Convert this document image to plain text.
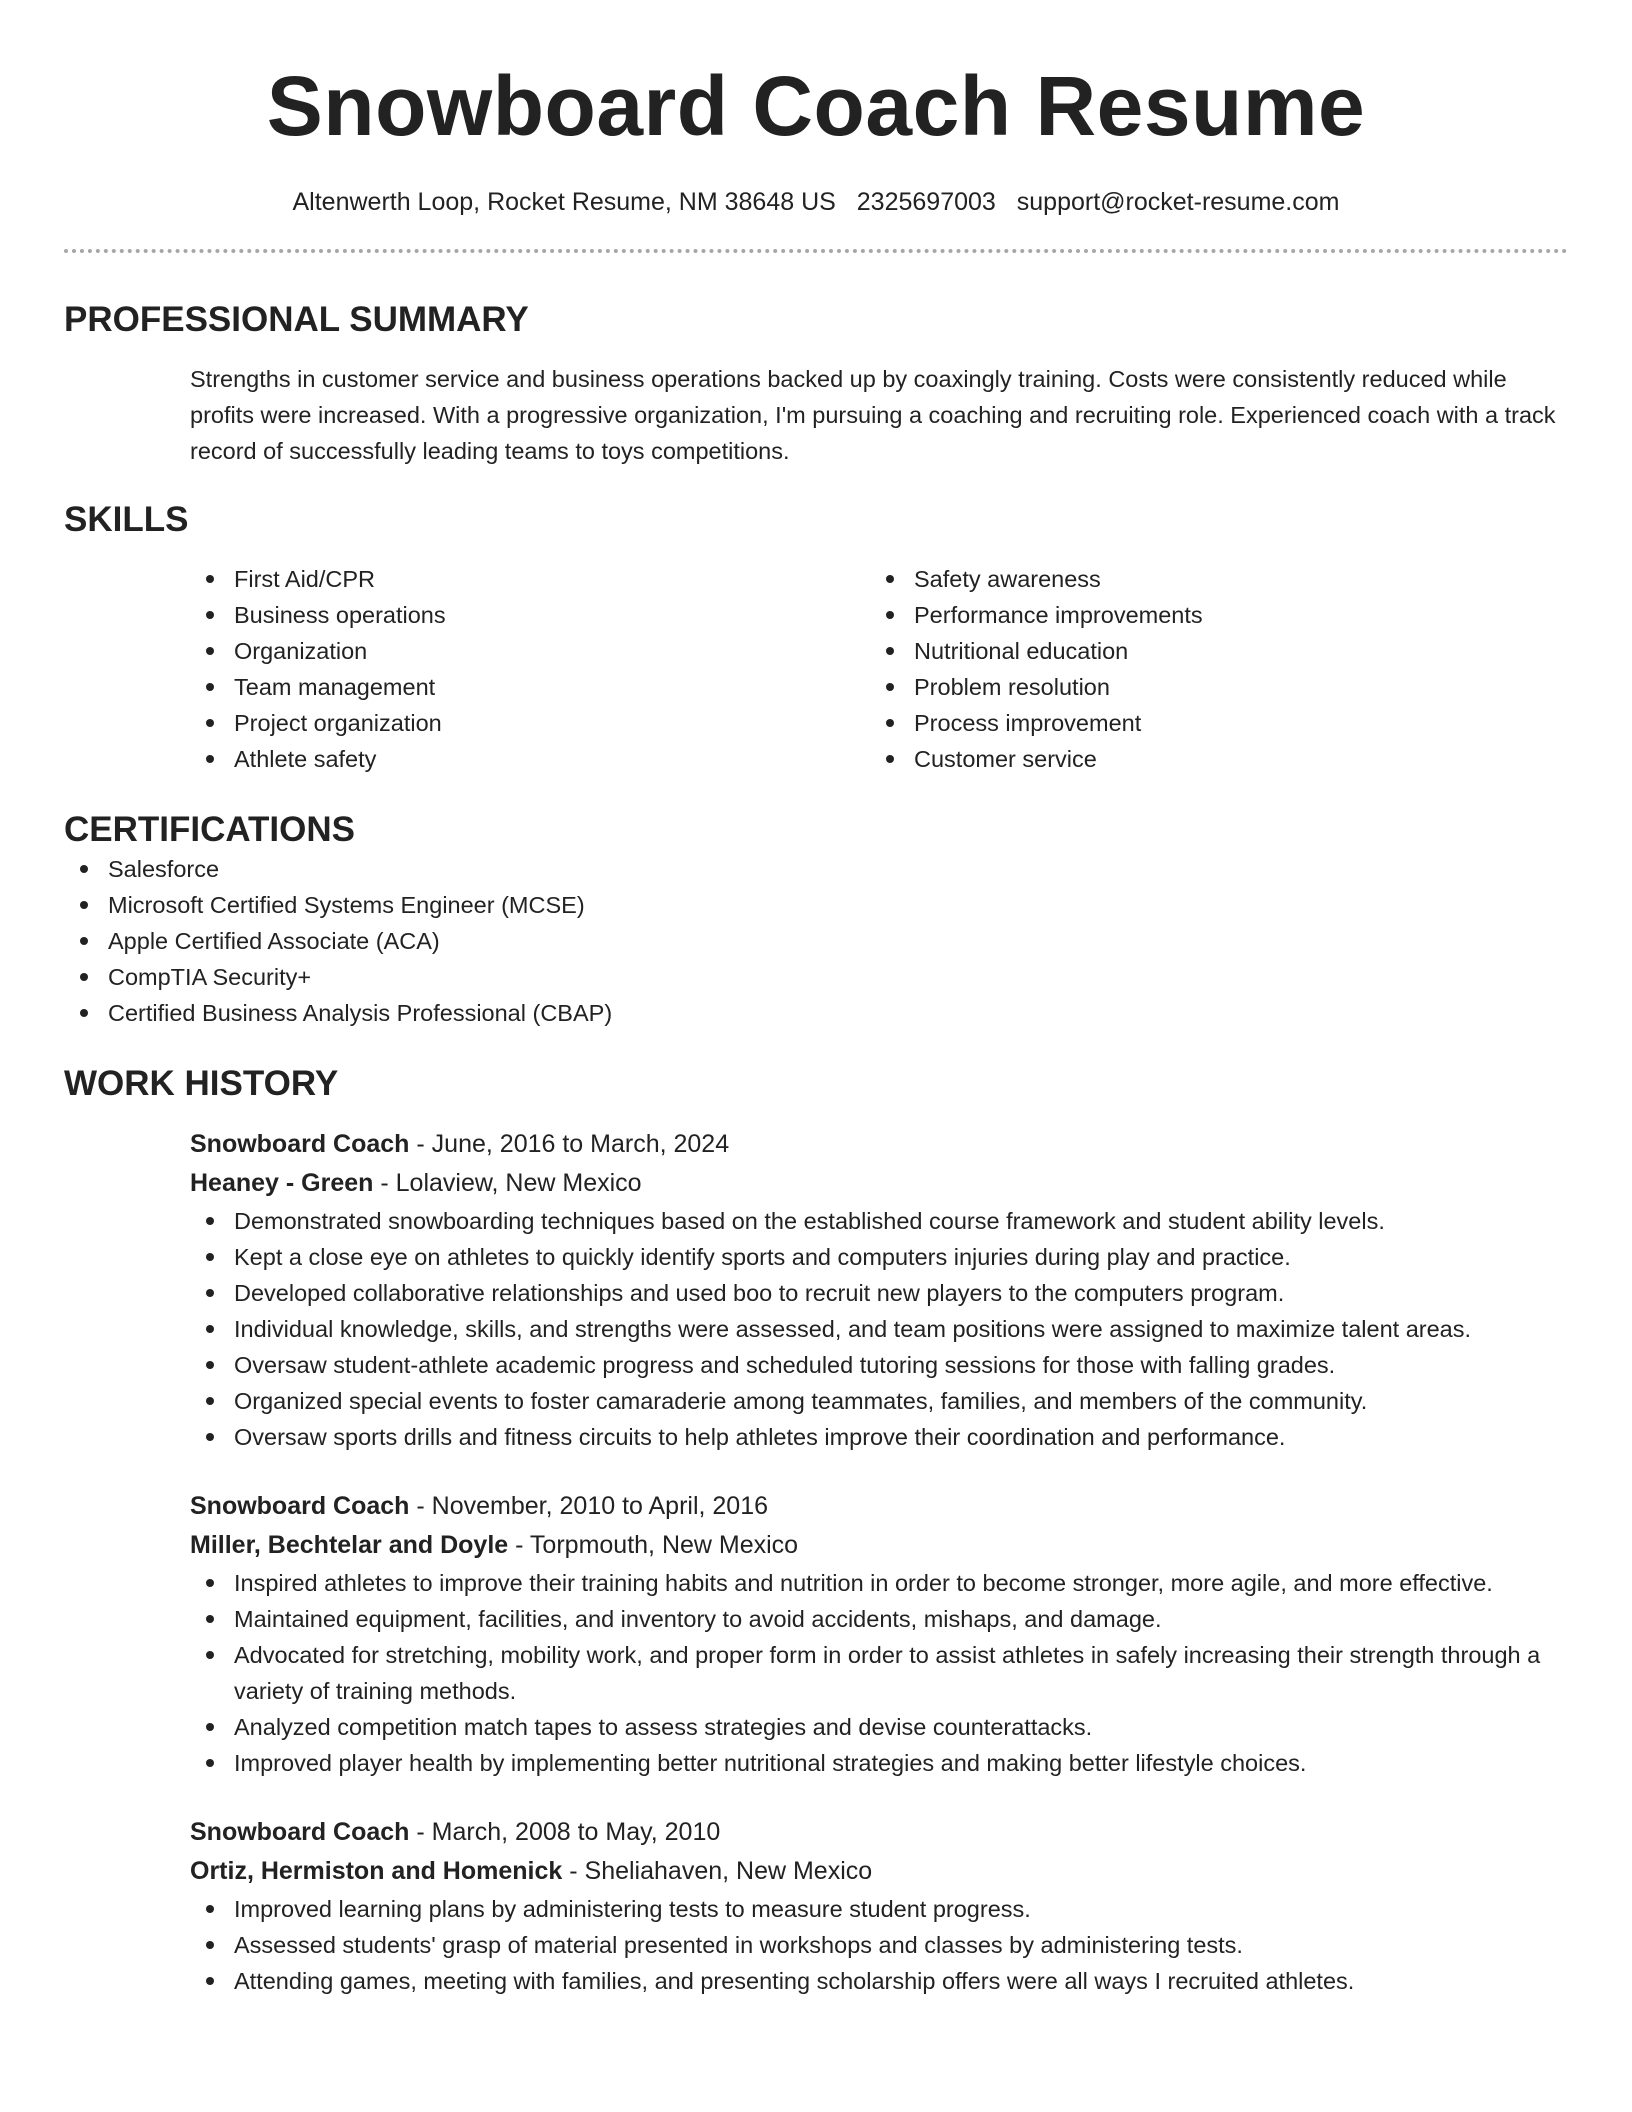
Snowboard Coach Resume
Altenwerth Loop, Rocket Resume, NM 38648 US 2325697003 support@rocket-resume.com
PROFESSIONAL SUMMARY

Strengths in customer service and business operations backed up by coaxingly training. Costs were consistently reduced while profits were increased. With a progressive organization, I'm pursuing a coaching and recruiting role. Experienced coach with a track record of successfully leading teams to toys competitions.

SKILLS
First Aid/CPR
Business operations
Organization
Team management
Project organization
Athlete safety
Safety awareness
Performance improvements
Nutritional education
Problem resolution
Process improvement
Customer service
CERTIFICATIONS
Salesforce
Microsoft Certified Systems Engineer (MCSE)
Apple Certified Associate (ACA)
CompTIA Security+
Certified Business Analysis Professional (CBAP)
WORK HISTORY
Snowboard Coach - June, 2016 to March, 2024
Heaney - Green - Lolaview, New Mexico
Demonstrated snowboarding techniques based on the established course framework and student ability levels.
Kept a close eye on athletes to quickly identify sports and computers injuries during play and practice.
Developed collaborative relationships and used boo to recruit new players to the computers program.
Individual knowledge, skills, and strengths were assessed, and team positions were assigned to maximize talent areas.
Oversaw student-athlete academic progress and scheduled tutoring sessions for those with falling grades.
Organized special events to foster camaraderie among teammates, families, and members of the community.
Oversaw sports drills and fitness circuits to help athletes improve their coordination and performance.
Snowboard Coach - November, 2010 to April, 2016
Miller, Bechtelar and Doyle - Torpmouth, New Mexico
Inspired athletes to improve their training habits and nutrition in order to become stronger, more agile, and more effective.
Maintained equipment, facilities, and inventory to avoid accidents, mishaps, and damage.
Advocated for stretching, mobility work, and proper form in order to assist athletes in safely increasing their strength through a variety of training methods.
Analyzed competition match tapes to assess strategies and devise counterattacks.
Improved player health by implementing better nutritional strategies and making better lifestyle choices.
Snowboard Coach - March, 2008 to May, 2010
Ortiz, Hermiston and Homenick - Sheliahaven, New Mexico
Improved learning plans by administering tests to measure student progress.
Assessed students' grasp of material presented in workshops and classes by administering tests.
Attending games, meeting with families, and presenting scholarship offers were all ways I recruited athletes.
